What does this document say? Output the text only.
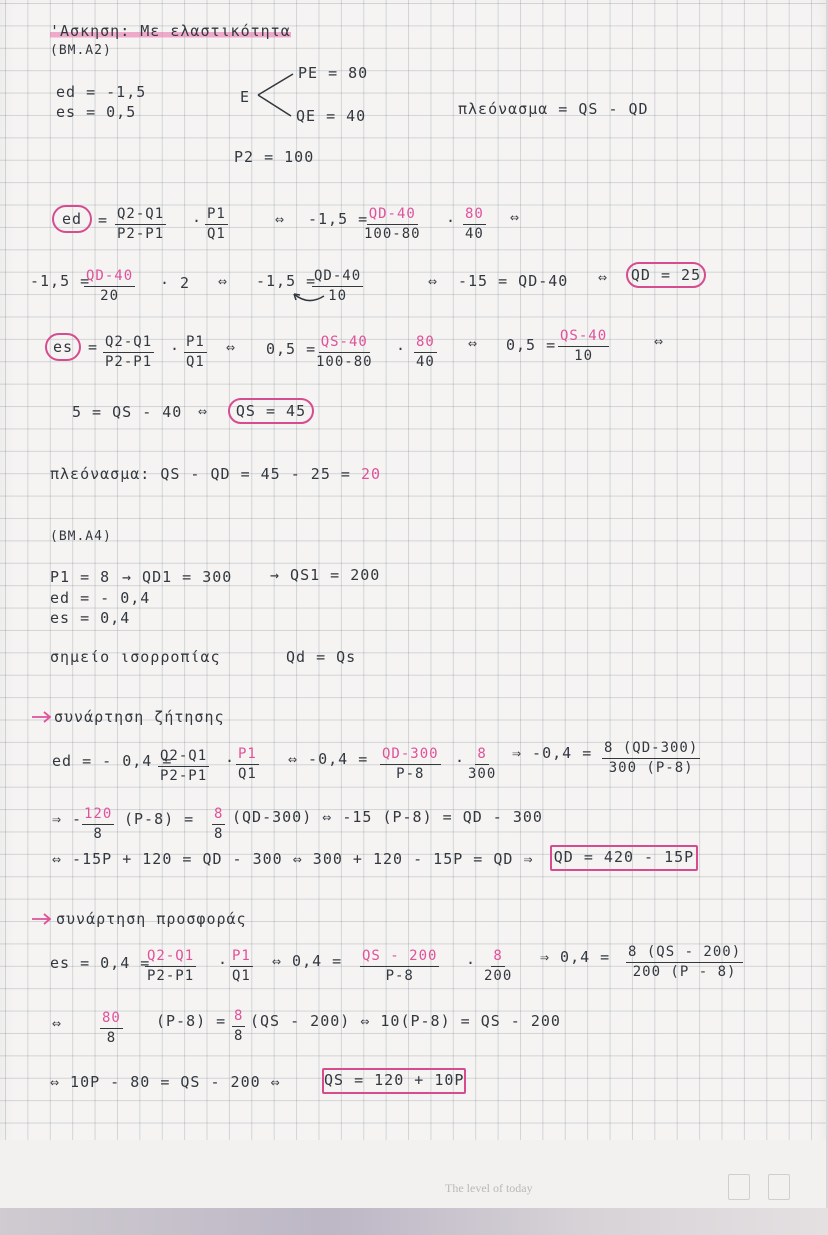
'Ασκηση: Με ελαστικότητα
(ΒΜ.Α2)
ed = -1,5
es = 0,5
Ε
PE = 80
QE = 40	πλεόνασμα = QS - QD
P2 = 100
ed	= $\frac{Q2-Q1}{P2-P1} \cdot \frac{P1}{Q1}$	⇔ -1,5 =
$\frac{QD-40}{100-80} \cdot \frac{80}{40}$ ⇔
-1,5 =
$\frac{QD-40}{20} \cdot 2$ ⇔ -1,5 =
$\frac{QD-40}{10}$	⇔ -15 = QD-40 ⇔	QD = 25
es = $\frac{Q2-Q1}{P2-P1} \cdot \frac{P1}{Q1}$ ⇔ 0,5 =
$\frac{QS-40}{100-80} \cdot \frac{80}{40}$ ⇔ $0,5 = \frac{QS-40}{10}$	⇔
5 = QS - 40 ⇔	QS = 45
πλεόνασμα: QS - QD = 45 - 25 = 20
(ΒΜ.Α4)
P1 = 8 → QD1 = 300	→ QS1 = 200
ed = - 0,4
es = 0,4
σημείο ισορροπίας	Qd = Qs
συνάρτηση ζήτησης
ed = - 0,4 =
$\frac{Q2-Q1}{P2-P1} \cdot \frac{P1}{Q1}$ ⇔ $-0,4 = \frac{QD-300}{P-8} \cdot \frac{8}{300}$ ⇒ $-0,4 = \frac{8 (QD-300)}{300 (P-8)}$
⇒ - $\frac{120}{8} (P-8) = \frac{8}{8} (QD-300)$ ⇔ -15 (P-8) = QD - 300
⇔ -15P + 120 = QD - 300 ⇔ 300 + 120 - 15P = QD ⇒ QD = 420 - 15P
συνάρτηση προσφοράς
es = 0,4 =
$\frac{Q2-Q1}{P2-P1} \cdot \frac{P1}{Q1}$ ⇔ $0,4 = \frac{QS - 200}{P-8} \cdot \frac{8}{200}$ ⇒ $0,4 = \frac{8 (QS - 200)}{200 (P - 8)}$
⇔	$\frac{80}{8} (P-8) = \frac{8}{8} (QS - 200)$ ⇔ 10(P-8) = QS - 200
⇔ 10P - 80 = QS - 200 ⇔	QS = 120 + 10P
The level of today
